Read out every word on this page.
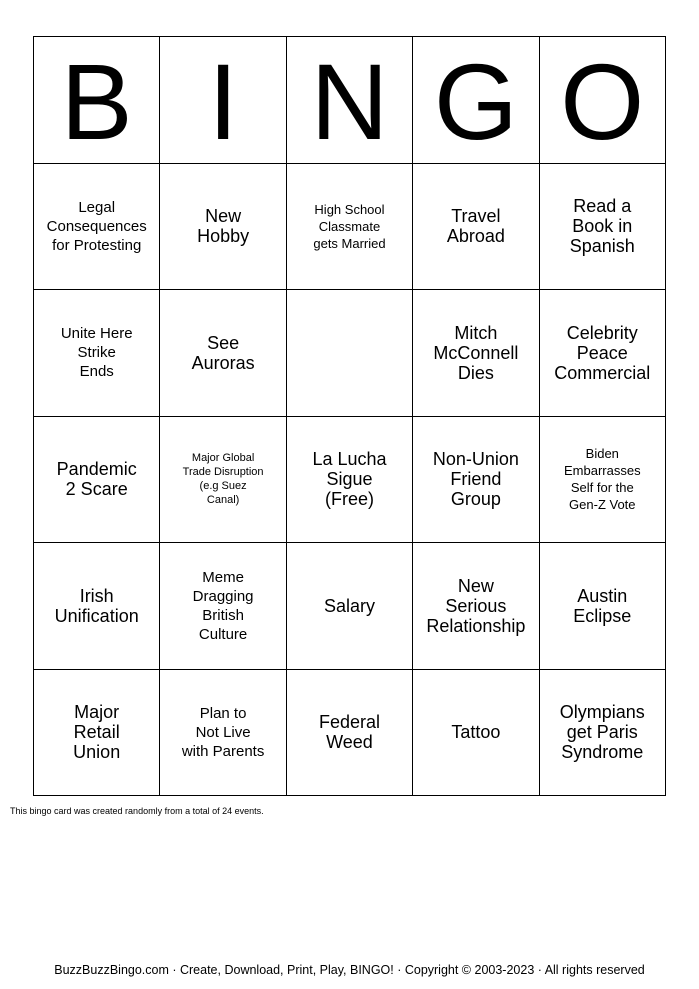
B I N G O
Legal
Consequences
for Protesting
New
Hobby
High School
Classmate
gets Married
Travel
Abroad
Read a
Book in
Spanish
Unite Here
Strike
Ends
See
Auroras
Mitch
McConnell
Dies
Celebrity
Peace
Commercial
Pandemic
2 Scare
Major Global
Trade Disruption
(e.g Suez
Canal)
La Lucha
Sigue
(Free)
Non-Union
Friend
Group
Biden
Embarrasses
Self for the
Gen-Z Vote
Irish
Unification
Meme
Dragging
British
Culture
Salary
New
Serious
Relationship
Austin
Eclipse
Major
Retail
Union
Plan to
Not Live
with Parents
Federal
Weed	Tattoo
Olympians
get Paris
Syndrome

This bingo card was created randomly from a total of 24 events.

BuzzBuzzBingo.com · Create, Download, Print, Play, BINGO! · Copyright © 2003-2023 · All rights reserved
